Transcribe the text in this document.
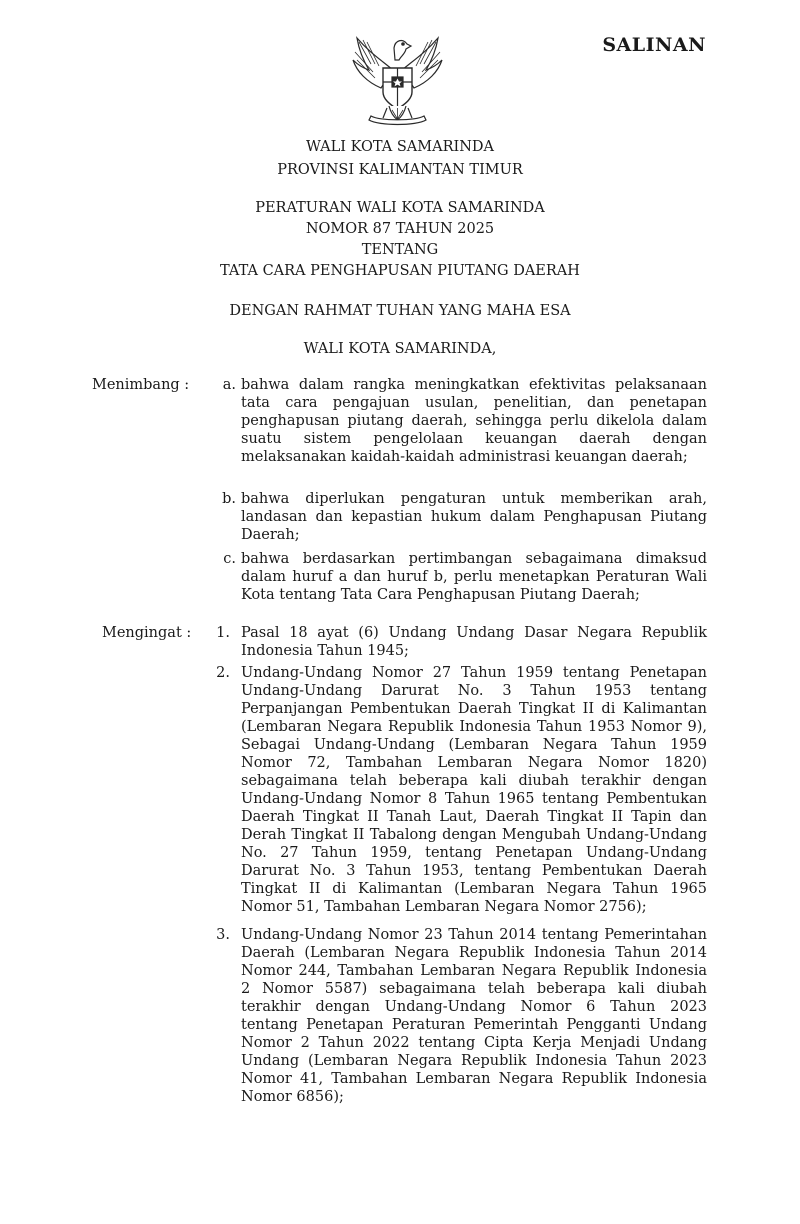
SALINAN
WALI KOTA SAMARINDA
PROVINSI KALIMANTAN TIMUR
PERATURAN WALI KOTA SAMARINDA
NOMOR 87 TAHUN 2025
TENTANG
TATA CARA PENGHAPUSAN PIUTANG DAERAH
DENGAN RAHMAT TUHAN YANG MAHA ESA
WALI KOTA SAMARINDA,
Menimbang :	a. bahwa dalam rangka meningkatkan efektivitas pelaksanaan tata cara pengajuan usulan, penelitian, dan penetapan penghapusan piutang daerah, sehingga perlu dikelola dalam suatu sistem pengelolaan keuangan daerah dengan melaksanakan kaidah-kaidah administrasi keuangan daerah;
b. bahwa diperlukan pengaturan untuk memberikan arah, landasan dan kepastian hukum dalam Penghapusan Piutang Daerah;
c. bahwa berdasarkan pertimbangan sebagaimana dimaksud dalam huruf a dan huruf b, perlu menetapkan Peraturan Wali Kota tentang Tata Cara Penghapusan Piutang Daerah;
Mengingat :	1. Pasal 18 ayat (6) Undang Undang Dasar Negara Republik Indonesia Tahun 1945;
2. Undang-Undang Nomor 27 Tahun 1959 tentang Penetapan Undang-Undang Darurat No. 3 Tahun 1953 tentang Perpanjangan Pembentukan Daerah Tingkat II di Kalimantan (Lembaran Negara Republik Indonesia Tahun 1953 Nomor 9), Sebagai Undang-Undang (Lembaran Negara Tahun 1959 Nomor 72, Tambahan Lembaran Negara Nomor 1820) sebagaimana telah beberapa kali diubah terakhir dengan Undang-Undang Nomor 8 Tahun 1965 tentang Pembentukan Daerah Tingkat II Tanah Laut, Daerah Tingkat II Tapin dan Derah Tingkat II Tabalong dengan Mengubah Undang-Undang No. 27 Tahun 1959, tentang Penetapan Undang-Undang Darurat No. 3 Tahun 1953, tentang Pembentukan Daerah Tingkat II di Kalimantan (Lembaran Negara Tahun 1965 Nomor 51, Tambahan Lembaran Negara Nomor 2756);
3. Undang-Undang Nomor 23 Tahun 2014 tentang Pemerintahan Daerah (Lembaran Negara Republik Indonesia Tahun 2014 Nomor 244, Tambahan Lembaran Negara Republik Indonesia 2 Nomor 5587) sebagaimana telah beberapa kali diubah terakhir dengan Undang-Undang Nomor 6 Tahun 2023 tentang Penetapan Peraturan Pemerintah Pengganti Undang Nomor 2 Tahun 2022 tentang Cipta Kerja Menjadi Undang Undang (Lembaran Negara Republik Indonesia Tahun 2023 Nomor 41, Tambahan Lembaran Negara Republik Indonesia Nomor 6856);
